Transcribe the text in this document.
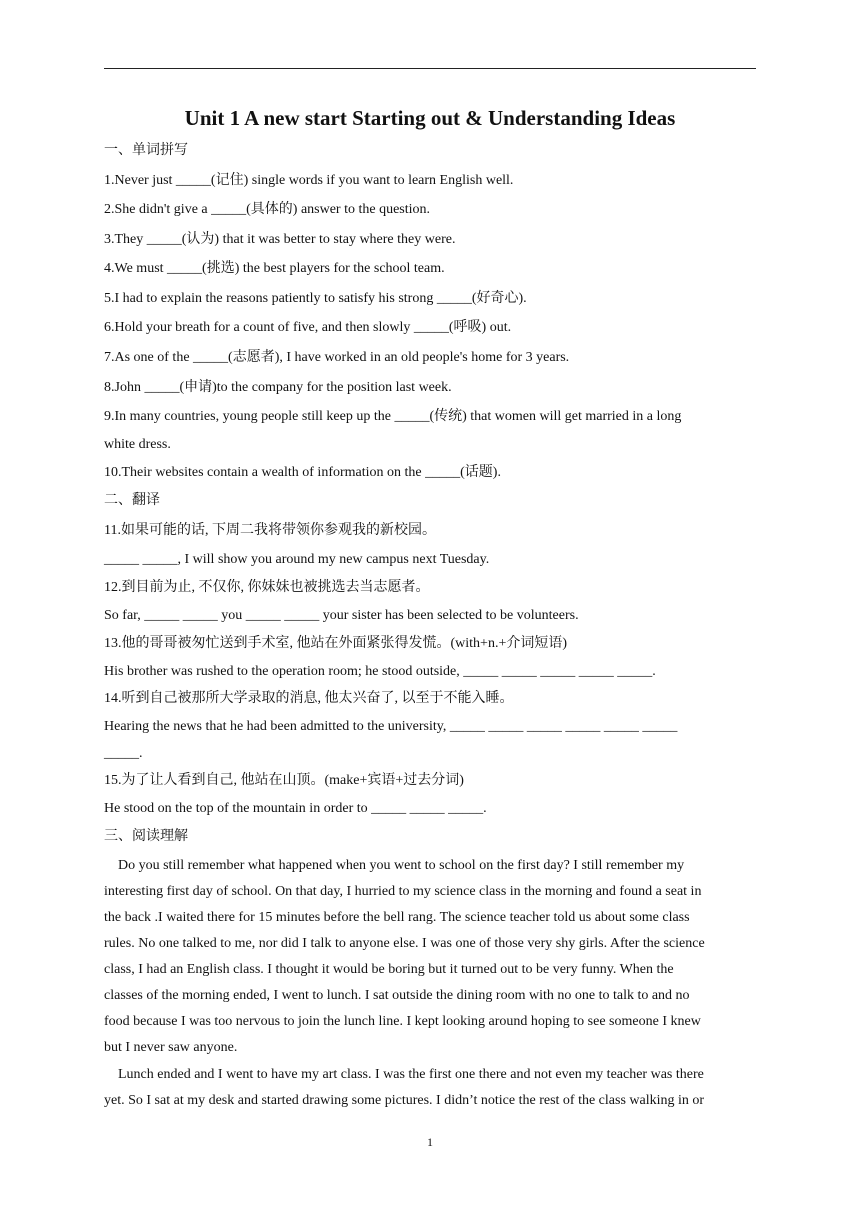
Unit 1 A new start Starting out & Understanding Ideas
一、单词拼写
1.Never just _____(记住) single words if you want to learn English well.
2.She didn't give a _____(具体的) answer to the question.
3.They _____(认为) that it was better to stay where they were.
4.We must _____(挑选) the best players for the school team.
5.I had to explain the reasons patiently to satisfy his strong _____(好奇心).
6.Hold your breath for a count of five, and then slowly _____(呼吸) out.
7.As one of the _____(志愿者), I have worked in an old people's home for 3 years.
8.John _____(申请)to the company for the position last week.
9.In many countries, young people still keep up the _____(传统) that women will get married in a long
white dress.
10.Their websites contain a wealth of information on the _____(话题).
二、翻译
11.如果可能的话, 下周二我将带领你参观我的新校园。
_____ _____, I will show you around my new campus next Tuesday.
12.到目前为止, 不仅你, 你妹妹也被挑选去当志愿者。
So far, _____ _____ you _____ _____ your sister has been selected to be volunteers.
13.他的哥哥被匆忙送到手术室, 他站在外面紧张得发慌。(with+n.+介词短语)
His brother was rushed to the operation room; he stood outside, _____ _____ _____ _____ _____.
14.听到自己被那所大学录取的消息, 他太兴奋了, 以至于不能入睡。
Hearing the news that he had been admitted to the university, _____ _____ _____ _____ _____ _____
_____.
15.为了让人看到自己, 他站在山顶。(make+宾语+过去分词)
He stood on the top of the mountain in order to _____ _____ _____.
三、阅读理解
Do you still remember what happened when you went to school on the first day? I still remember my
interesting first day of school. On that day, I hurried to my science class in the morning and found a seat in
the back .I waited there for 15 minutes before the bell rang. The science teacher told us about some class
rules. No one talked to me, nor did I talk to anyone else. I was one of those very shy girls. After the science
class, I had an English class. I thought it would be boring but it turned out to be very funny. When the
classes of the morning ended, I went to lunch. I sat outside the dining room with no one to talk to and no
food because I was too nervous to join the lunch line. I kept looking around hoping to see someone I knew
but I never saw anyone.
Lunch ended and I went to have my art class. I was the first one there and not even my teacher was there
yet. So I sat at my desk and started drawing some pictures. I didn’t notice the rest of the class walking in or
1
